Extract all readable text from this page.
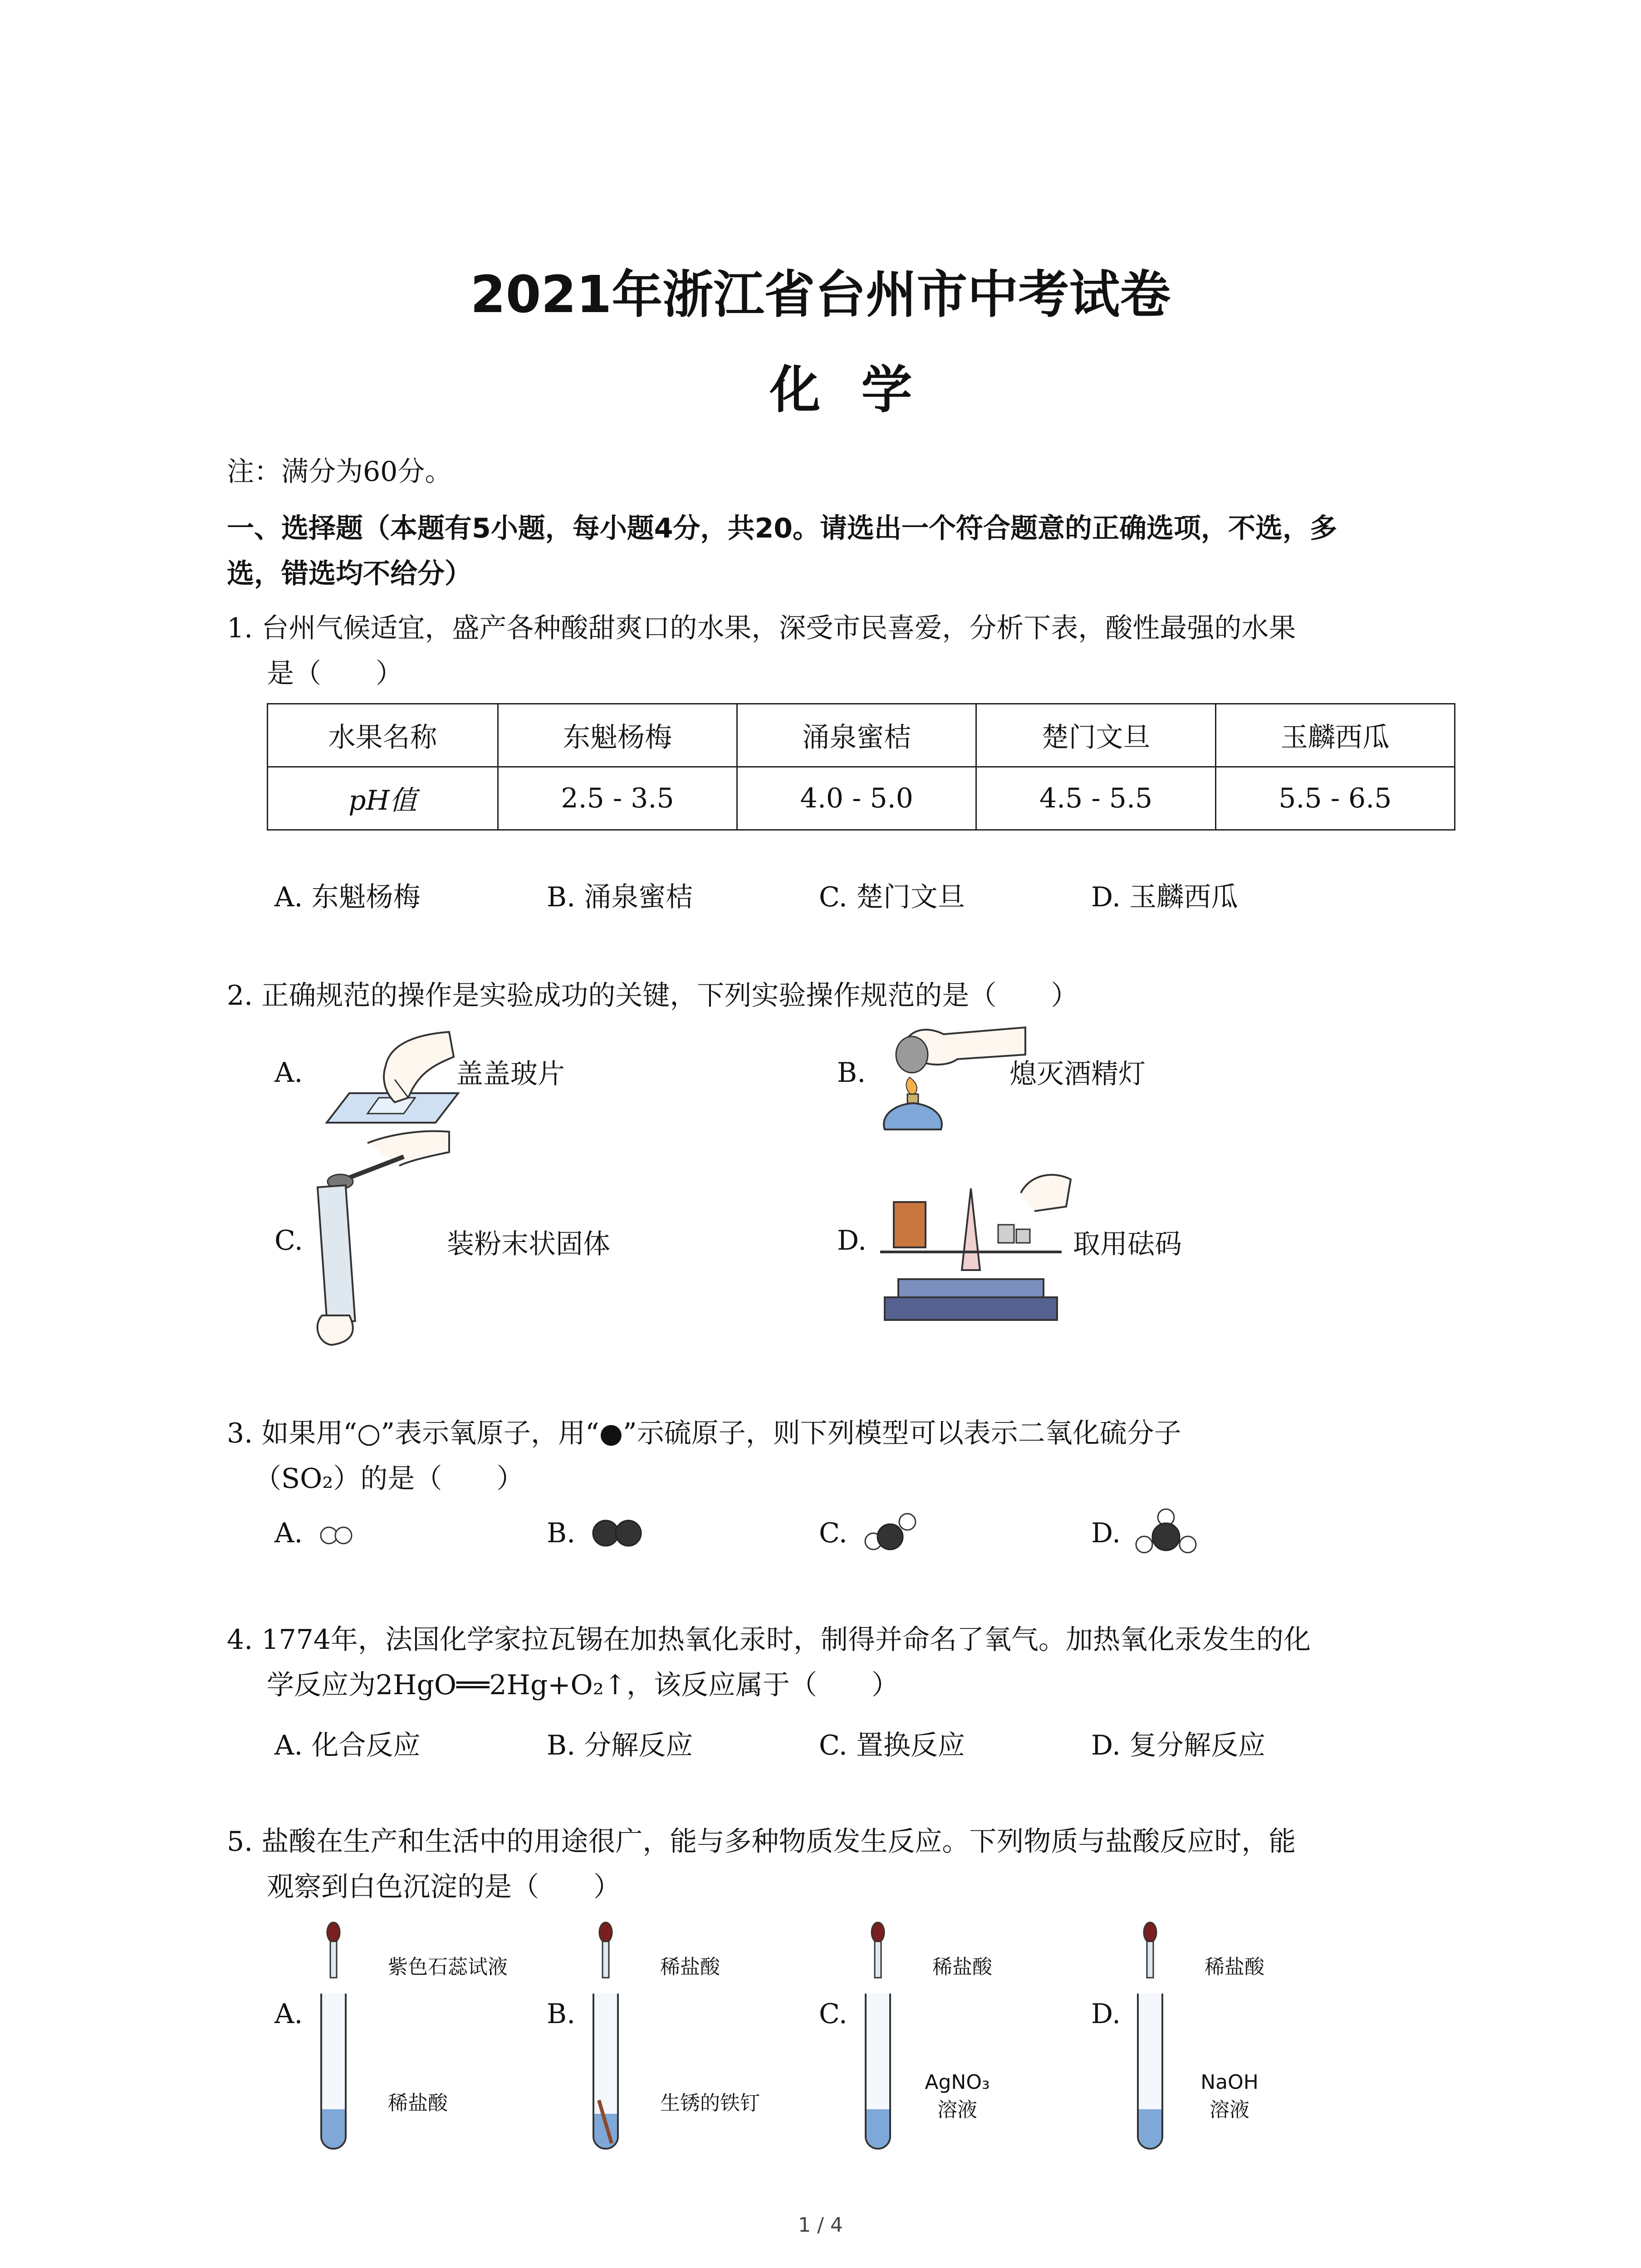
2021年浙江省台州市中考试卷
化学
注：满分为60分。
一、选择题（本题有5小题，每小题4分，共20。请选出一个符合题意的正确选项，不选，多
选，错选均不给分）
1. 台州气候适宜，盛产各种酸甜爽口的水果，深受市民喜爱，分析下表，酸性最强的水果
是（　　）
水果名称	东魁杨梅	涌泉蜜桔	楚门文旦	玉麟西瓜
pH值	2.5 - 3.5	4.0 - 5.0	4.5 - 5.5	5.5 - 6.5
A. 东魁杨梅	B. 涌泉蜜桔	C. 楚门文旦	D. 玉麟西瓜
2. 正确规范的操作是实验成功的关键，下列实验操作规范的是（　　）
A.	盖盖玻片	B.	熄灭酒精灯
C.	装粉末状固体	D.	取用砝码
3. 如果用“○”表示氧原子，用“●”示硫原子，则下列模型可以表示二氧化硫分子
（SO₂）的是（　　）
A.	B.	C.	D.
4. 1774年，法国化学家拉瓦锡在加热氧化汞时，制得并命名了氧气。加热氧化汞发生的化
学反应为2HgO══2Hg+O₂↑，该反应属于（　　）
A. 化合反应	B. 分解反应	C. 置换反应	D. 复分解反应
5. 盐酸在生产和生活中的用途很广，能与多种物质发生反应。下列物质与盐酸反应时，能
观察到白色沉淀的是（　　）
A.
紫色石蕊试液
稀盐酸
B.
稀盐酸
生锈的铁钉
C.
稀盐酸
AgNO₃
溶液
D.
稀盐酸
NaOH
溶液
1 / 4
